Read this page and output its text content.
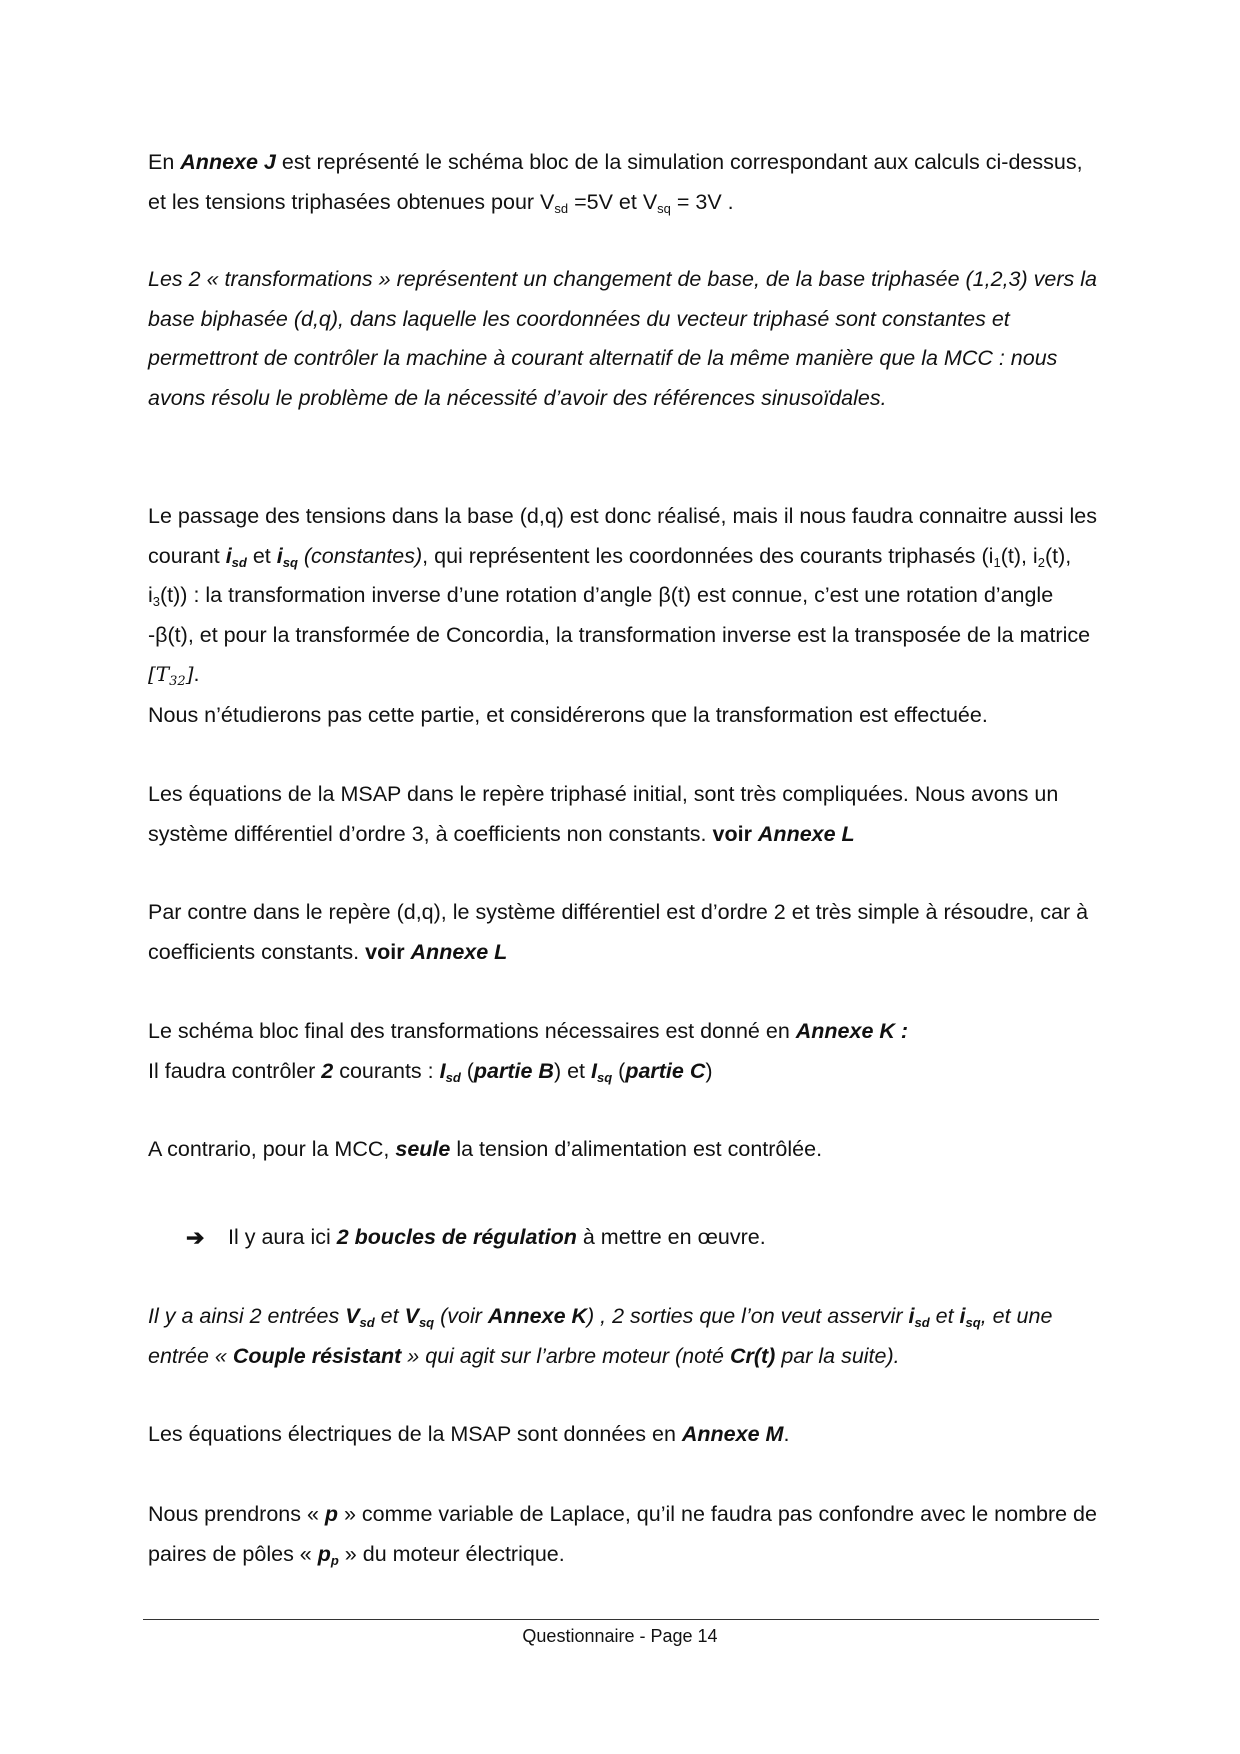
En Annexe J est représenté le schéma bloc de la simulation correspondant aux calculs ci-dessus, et les tensions triphasées obtenues pour $V_{sd} =5V$ et $V_{sq} = 3V$ .

Les 2 « transformations » représentent un changement de base, de la base triphasée (1,2,3) vers la base biphasée (d,q), dans laquelle les coordonnées du vecteur triphasé sont constantes et permettront de contrôler la machine à courant alternatif de la même manière que la MCC : nous avons résolu le problème de la nécessité d’avoir des références sinusoïdales.

Le passage des tensions dans la base (d,q) est donc réalisé, mais il nous faudra connaitre aussi les courant $i_{sd}$ et $i_{sq}$ (constantes), qui représentent les coordonnées des courants triphasés ($i_1(t)$, $i_2(t)$, $i_3(t)$) : la transformation inverse d’une rotation d’angle β(t) est connue, c’est une rotation d’angle -β(t), et pour la transformée de Concordia, la transformation inverse est la transposée de la matrice $[T_{32}]$.

Nous n’étudierons pas cette partie, et considérerons que la transformation est effectuée.

Les équations de la MSAP dans le repère triphasé initial, sont très compliquées. Nous avons un système différentiel d’ordre 3, à coefficients non constants. voir Annexe L

Par contre dans le repère (d,q), le système différentiel est d’ordre 2 et très simple à résoudre, car à coefficients constants. voir Annexe L

Le schéma bloc final des transformations nécessaires est donné en Annexe K :

Il faudra contrôler 2 courants : $I_{sd}$ (partie B) et $I_{sq}$ (partie C)

A contrario, pour la MCC, seule la tension d’alimentation est contrôlée.

➔ Il y aura ici 2 boucles de régulation à mettre en œuvre.

Il y a ainsi 2 entrées $V_{sd}$ et $V_{sq}$ (voir Annexe K) , 2 sorties que l’on veut asservir $i_{sd}$ et $i_{sq}$, et une entrée « Couple résistant » qui agit sur l’arbre moteur (noté Cr(t) par la suite).

Les équations électriques de la MSAP sont données en Annexe M.

Nous prendrons « p » comme variable de Laplace, qu’il ne faudra pas confondre avec le nombre de paires de pôles « $p_p$ » du moteur électrique.

Questionnaire - Page 14
